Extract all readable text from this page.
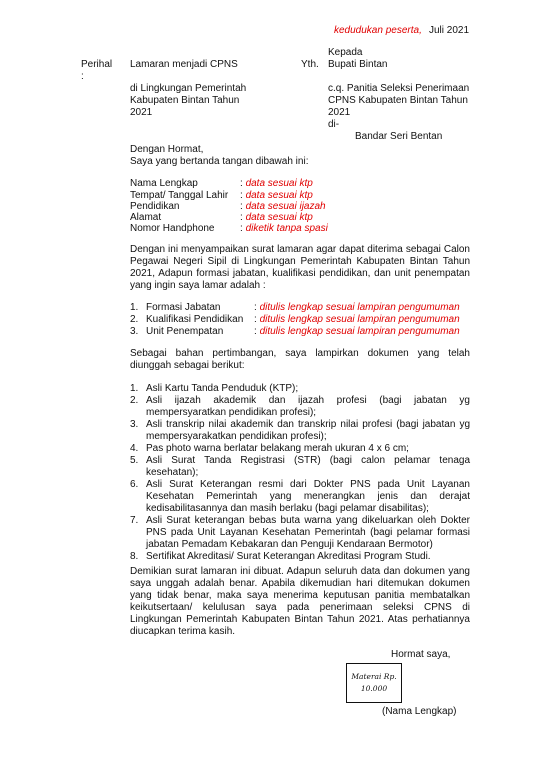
kedudukan peserta, Juli 2021
Kepada
Yth. Bupati Bintan
c.q. Panitia Seleksi Penerimaan
CPNS Kabupaten Bintan Tahun
2021
di-
Bandar Seri Bentan
Perihal
:
Lamaran menjadi CPNS
di Lingkungan Pemerintah
Kabupaten Bintan Tahun
2021
Dengan Hormat,
Saya yang bertanda tangan dibawah ini:
Nama Lengkap	: data sesuai ktp
Tempat/ Tanggal Lahir : data sesuai ktp
Pendidikan	: data sesuai ijazah
Alamat	: data sesuai ktp
Nomor Handphone	: diketik tanpa spasi
Dengan ini menyampaikan surat lamaran agar dapat diterima sebagai Calon Pegawai Negeri Sipil di Lingkungan Pemerintah Kabupaten Bintan Tahun 2021, Adapun formasi jabatan, kualifikasi pendidikan, dan unit penempatan yang ingin saya lamar adalah :
1. Formasi Jabatan	: ditulis lengkap sesuai lampiran pengumuman
2. Kualifikasi Pendidikan : ditulis lengkap sesuai lampiran pengumuman
3. Unit Penempatan	: ditulis lengkap sesuai lampiran pengumuman
Sebagai bahan pertimbangan, saya lampirkan dokumen yang telah diunggah sebagai berikut:
1. Asli Kartu Tanda Penduduk (KTP);
2. Asli ijazah akademik dan ijazah profesi (bagi jabatan yg mempersyaratkan pendidikan profesi);
3. Asli transkrip nilai akademik dan transkrip nilai profesi (bagi jabatan yg mempersyarakatkan pendidikan profesi);
4. Pas photo warna berlatar belakang merah ukuran 4 x 6 cm;
5. Asli Surat Tanda Registrasi (STR) (bagi calon pelamar tenaga kesehatan);
6. Asli Surat Keterangan resmi dari Dokter PNS pada Unit Layanan Kesehatan Pemerintah yang menerangkan jenis dan derajat kedisabilitasannya dan masih berlaku (bagi pelamar disabilitas);
7. Asli Surat keterangan bebas buta warna yang dikeluarkan oleh Dokter PNS pada Unit Layanan Kesehatan Pemerintah (bagi pelamar formasi jabatan Pemadam Kebakaran dan Penguji Kendaraan Bermotor)
8. Sertifikat Akreditasi/ Surat Keterangan Akreditasi Program Studi.
Demikian surat lamaran ini dibuat. Adapun seluruh data dan dokumen yang saya unggah adalah benar. Apabila dikemudian hari ditemukan dokumen yang tidak benar, maka saya menerima keputusan panitia membatalkan keikutsertaan/ kelulusan saya pada penerimaan seleksi CPNS di Lingkungan Pemerintah Kabupaten Bintan Tahun 2021. Atas perhatiannya diucapkan terima kasih.
Hormat saya,
Materai Rp.
10.000
(Nama Lengkap)
